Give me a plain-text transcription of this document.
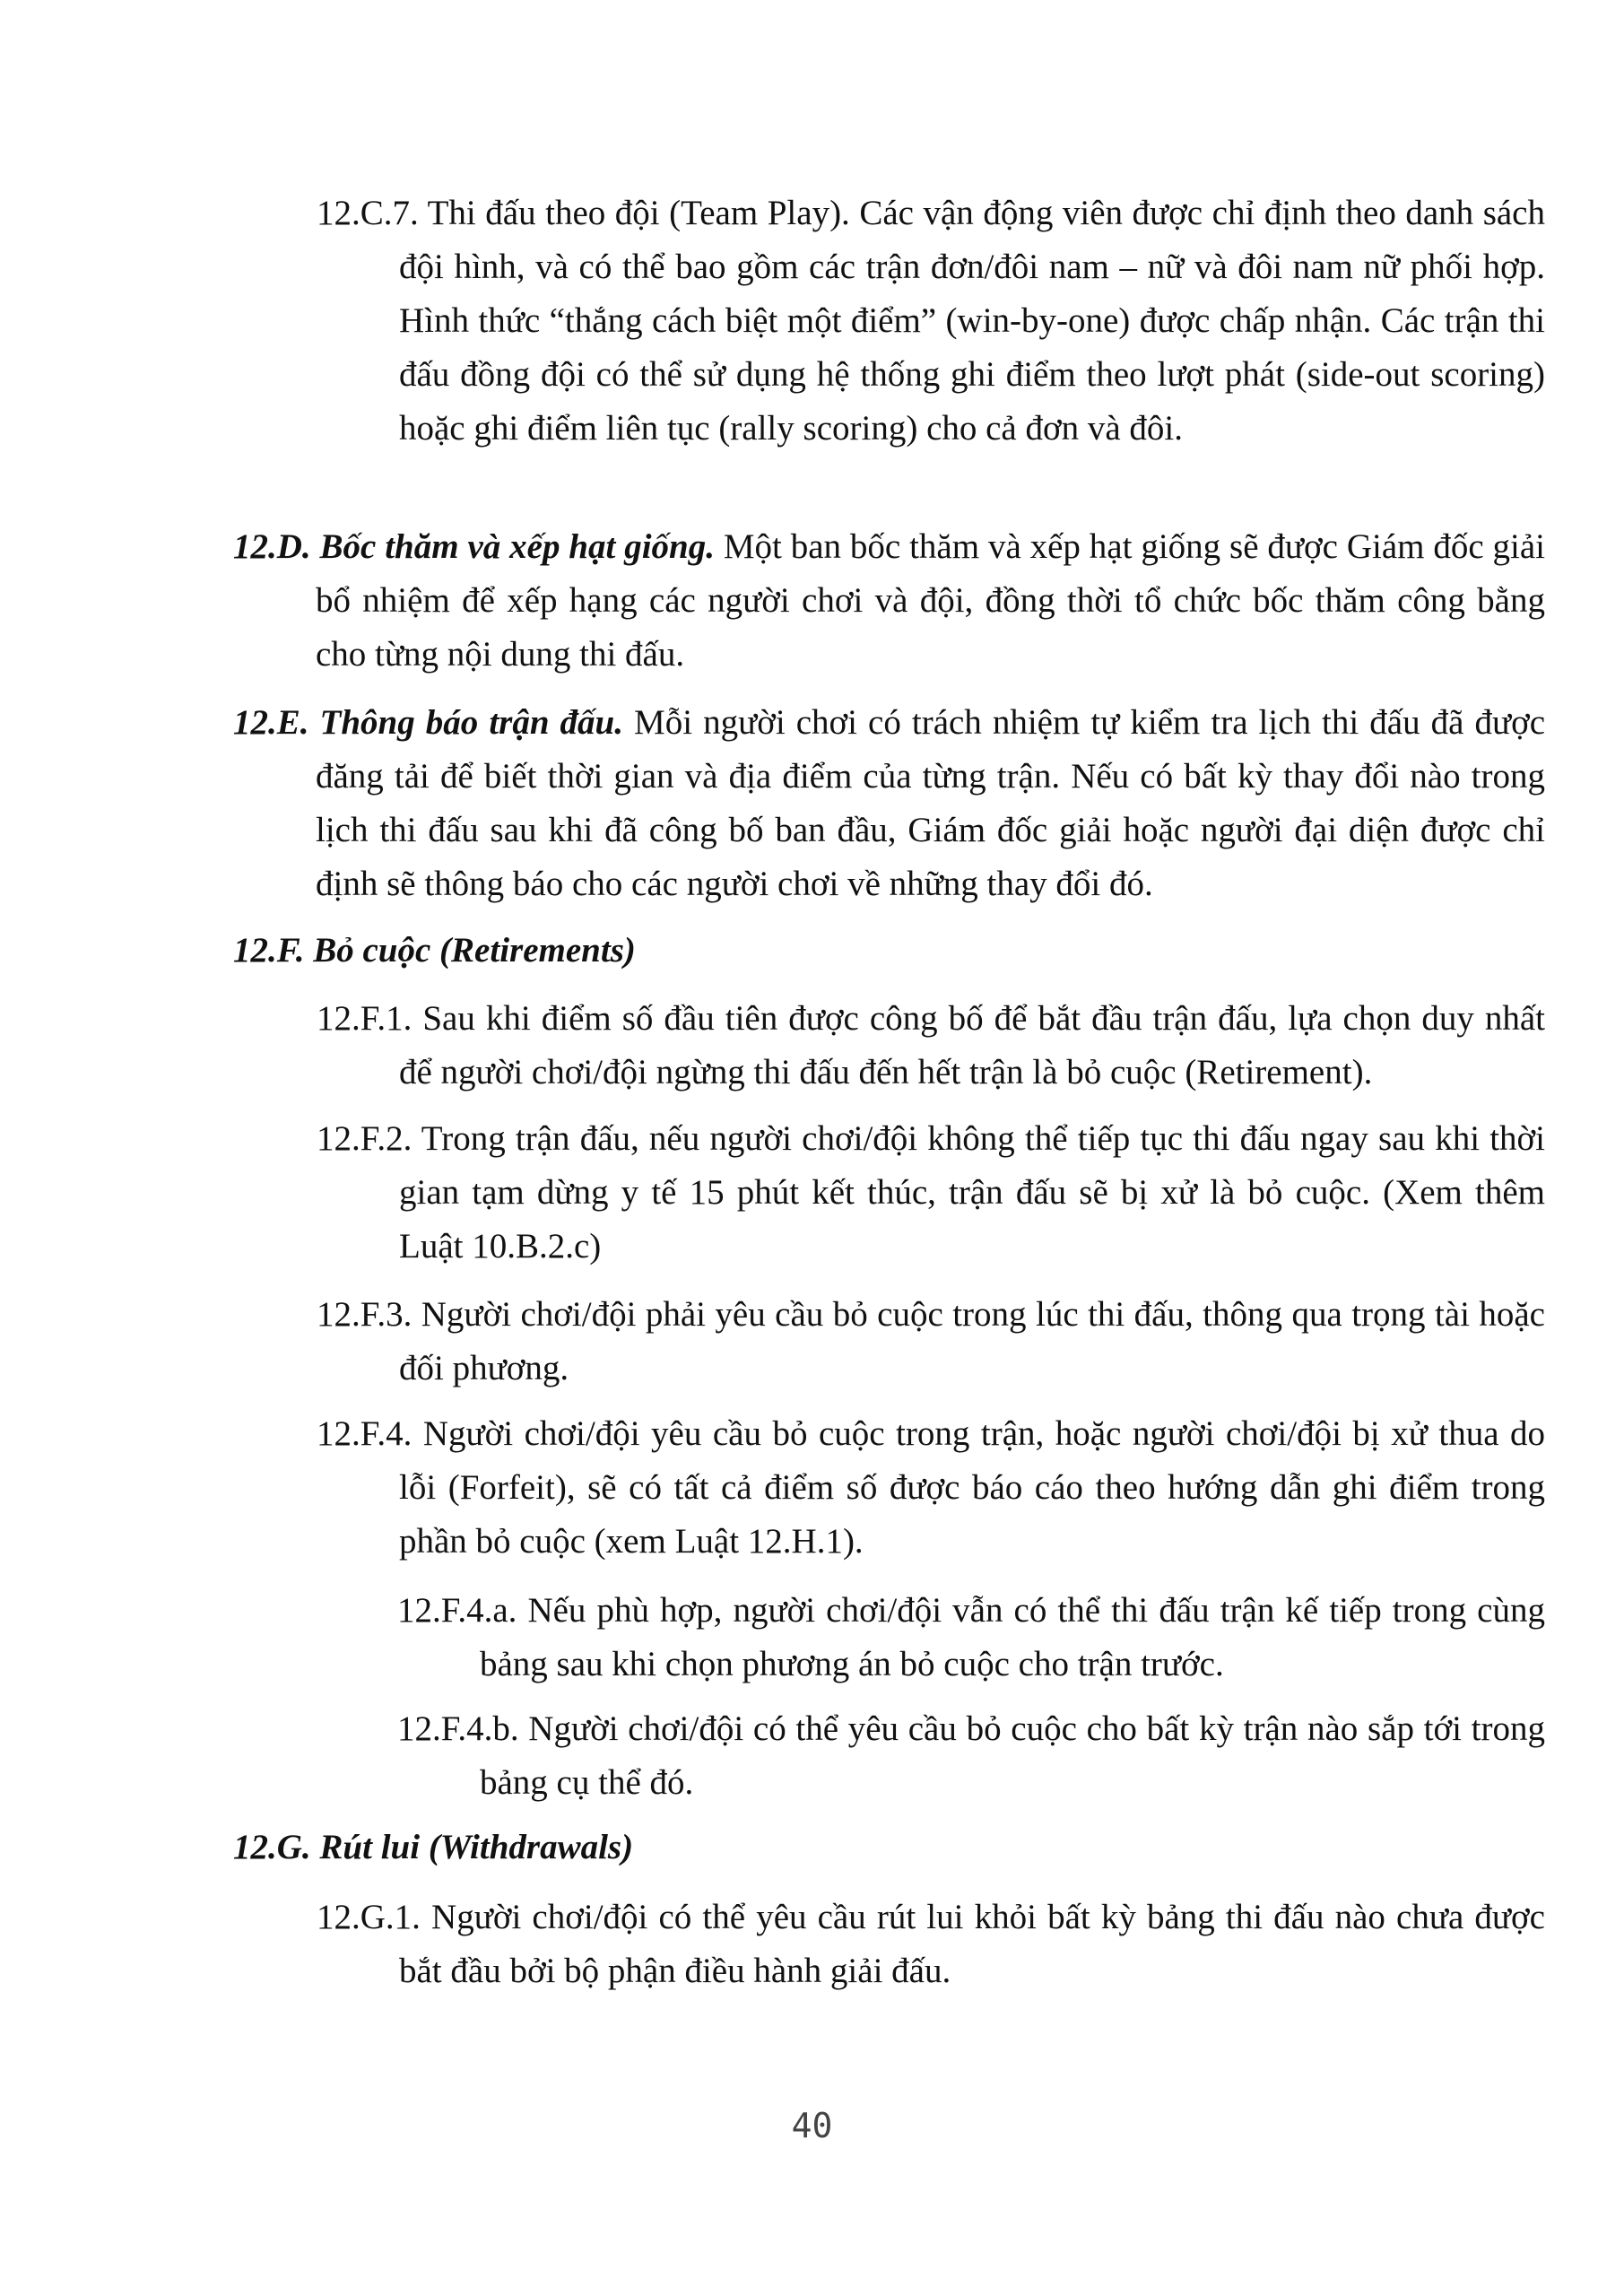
12.C.7. Thi đấu theo đội (Team Play). Các vận động viên được chỉ định theo danh sách đội hình, và có thể bao gồm các trận đơn/đôi nam – nữ và đôi nam nữ phối hợp. Hình thức “thắng cách biệt một điểm” (win-by-one) được chấp nhận. Các trận thi đấu đồng đội có thể sử dụng hệ thống ghi điểm theo lượt phát (side-out scoring) hoặc ghi điểm liên tục (rally scoring) cho cả đơn và đôi.
12.D. Bốc thăm và xếp hạt giống. Một ban bốc thăm và xếp hạt giống sẽ được Giám đốc giải bổ nhiệm để xếp hạng các người chơi và đội, đồng thời tổ chức bốc thăm công bằng cho từng nội dung thi đấu.
12.E. Thông báo trận đấu. Mỗi người chơi có trách nhiệm tự kiểm tra lịch thi đấu đã được đăng tải để biết thời gian và địa điểm của từng trận. Nếu có bất kỳ thay đổi nào trong lịch thi đấu sau khi đã công bố ban đầu, Giám đốc giải hoặc người đại diện được chỉ định sẽ thông báo cho các người chơi về những thay đổi đó.
12.F. Bỏ cuộc (Retirements)
12.F.1. Sau khi điểm số đầu tiên được công bố để bắt đầu trận đấu, lựa chọn duy nhất để người chơi/đội ngừng thi đấu đến hết trận là bỏ cuộc (Retirement).
12.F.2. Trong trận đấu, nếu người chơi/đội không thể tiếp tục thi đấu ngay sau khi thời gian tạm dừng y tế 15 phút kết thúc, trận đấu sẽ bị xử là bỏ cuộc. (Xem thêm Luật 10.B.2.c)
12.F.3. Người chơi/đội phải yêu cầu bỏ cuộc trong lúc thi đấu, thông qua trọng tài hoặc đối phương.
12.F.4. Người chơi/đội yêu cầu bỏ cuộc trong trận, hoặc người chơi/đội bị xử thua do lỗi (Forfeit), sẽ có tất cả điểm số được báo cáo theo hướng dẫn ghi điểm trong phần bỏ cuộc (xem Luật 12.H.1).
12.F.4.a. Nếu phù hợp, người chơi/đội vẫn có thể thi đấu trận kế tiếp trong cùng bảng sau khi chọn phương án bỏ cuộc cho trận trước.
12.F.4.b. Người chơi/đội có thể yêu cầu bỏ cuộc cho bất kỳ trận nào sắp tới trong bảng cụ thể đó.
12.G. Rút lui (Withdrawals)
12.G.1. Người chơi/đội có thể yêu cầu rút lui khỏi bất kỳ bảng thi đấu nào chưa được bắt đầu bởi bộ phận điều hành giải đấu.
40
